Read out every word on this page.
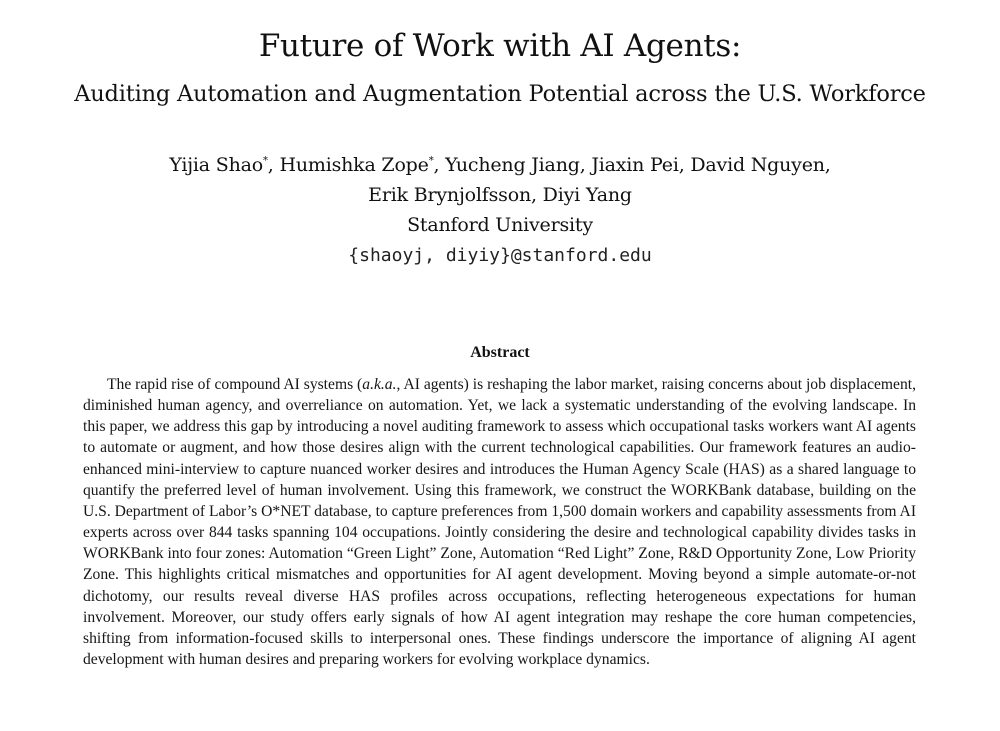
Future of Work with AI Agents:
Auditing Automation and Augmentation Potential across the U.S. Workforce
Yijia Shao*, Humishka Zope*, Yucheng Jiang, Jiaxin Pei, David Nguyen,
Erik Brynjolfsson, Diyi Yang
Stanford University
{shaoyj, diyiy}@stanford.edu
Abstract

The rapid rise of compound AI systems (a.k.a., AI agents) is reshaping the labor market, raising concerns about job displacement, diminished human agency, and overreliance on automation. Yet, we lack a systematic understanding of the evolving landscape. In this paper, we address this gap by introducing a novel auditing framework to assess which occupational tasks workers want AI agents to automate or augment, and how those desires align with the current technological capabilities. Our framework features an audio-enhanced mini-interview to capture nuanced worker desires and introduces the Human Agency Scale (HAS) as a shared language to quantify the preferred level of human involvement. Using this framework, we construct the WORKBank database, building on the U.S. Department of Labor’s O*NET database, to capture preferences from 1,500 domain workers and capability assessments from AI experts across over 844 tasks spanning 104 occupations. Jointly considering the desire and technological capability divides tasks in WORKBank into four zones: Automation “Green Light” Zone, Automation “Red Light” Zone, R&D Opportunity Zone, Low Priority Zone. This highlights critical mismatches and opportunities for AI agent development. Moving beyond a simple automate-or-not dichotomy, our results reveal diverse HAS profiles across occupations, reflecting heterogeneous expectations for human involvement. Moreover, our study offers early signals of how AI agent integration may reshape the core human competencies, shifting from information-focused skills to interpersonal ones. These findings underscore the importance of aligning AI agent development with human desires and preparing workers for evolving workplace dynamics.
